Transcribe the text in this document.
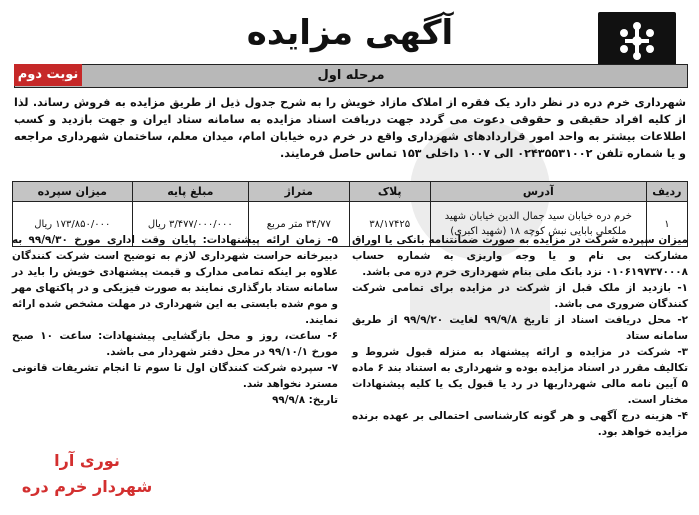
آگهی مزایده
مرحله اول
نوبت دوم
شهرداری خرم دره در نظر دارد یک فقره از املاک مازاد خویش را به شرح جدول ذیل از طریق مزایده به فروش رساند. لذا از کلیه افراد حقیقی و حقوقی دعوت می گردد جهت دریافت اسناد مزایده به سامانه ستاد ایران و جهت بازدید و کسب اطلاعات بیشتر به واحد امور قراردادهای شهرداری واقع در خرم دره خیابان امام، میدان معلم، ساختمان شهرداری مراجعه و یا شماره تلفن ۰۲۴۳۵۵۳۱۰۰۲ الی ۱۰۰۷ داخلی ۱۵۳ تماس حاصل فرمایند.
ردیف	آدرس	پلاک	متراژ	مبلغ پایه	میزان سپرده
۱	خرم دره خیابان سید جمال الدین خیابان شهید ملکعلی بابایی نبش کوچه ۱۸ (شهید اکبری)	۳۸/۱۷۴۲۵	۳۴/۷۷ متر مربع	۳/۴۷۷/۰۰۰/۰۰۰ ریال	۱۷۳/۸۵۰/۰۰۰ ریال

میزان سپرده شرکت در مزایده به صورت ضمانتنامه بانکی یا اوراق مشارکت بی نام و یا وجه واریزی به شماره حساب ۰۱۰۶۱۹۷۳۷۰۰۰۸ نزد بانک ملی بنام شهرداری خرم دره می باشد.

۱- بازدید از ملک قبل از شرکت در مزایده برای تمامی شرکت کنندگان ضروری می باشد.

۲- محل دریافت اسناد از تاریخ ۹۹/۹/۸ لغایت ۹۹/۹/۲۰ از طریق سامانه ستاد

۳- شرکت در مزایده و ارائه پیشنهاد به منزله قبول شروط و تکالیف مقرر در اسناد مزایده بوده و شهرداری به استناد بند ۶ ماده ۵ آیین نامه مالی شهرداریها در رد یا قبول یک یا کلیه پیشنهادات مختار است.

۴- هزینه درج آگهی و هر گونه کارشناسی احتمالی بر عهده برنده مزایده خواهد بود.

۵- زمان ارائه پیشنهادات: پایان وقت اداری مورخ ۹۹/۹/۳۰ به دبیرخانه حراست شهرداری لازم به توضیح است شرکت کنندگان علاوه بر اینکه تمامی مدارک و قیمت پیشنهادی خویش را باید در سامانه ستاد بارگذاری نمایند به صورت فیزیکی و در پاکتهای مهر و موم شده بایستی به این شهرداری در مهلت مشخص شده ارائه نمایند.

۶- ساعت، روز و محل بازگشایی پیشنهادات: ساعت ۱۰ صبح مورخ ۹۹/۱۰/۱ در محل دفتر شهردار می باشد.

۷- سپرده شرکت کنندگان اول تا سوم تا انجام تشریفات قانونی مسترد نخواهد شد.

تاریخ: ۹۹/۹/۸

نوری آرا
شهردار خرم دره
